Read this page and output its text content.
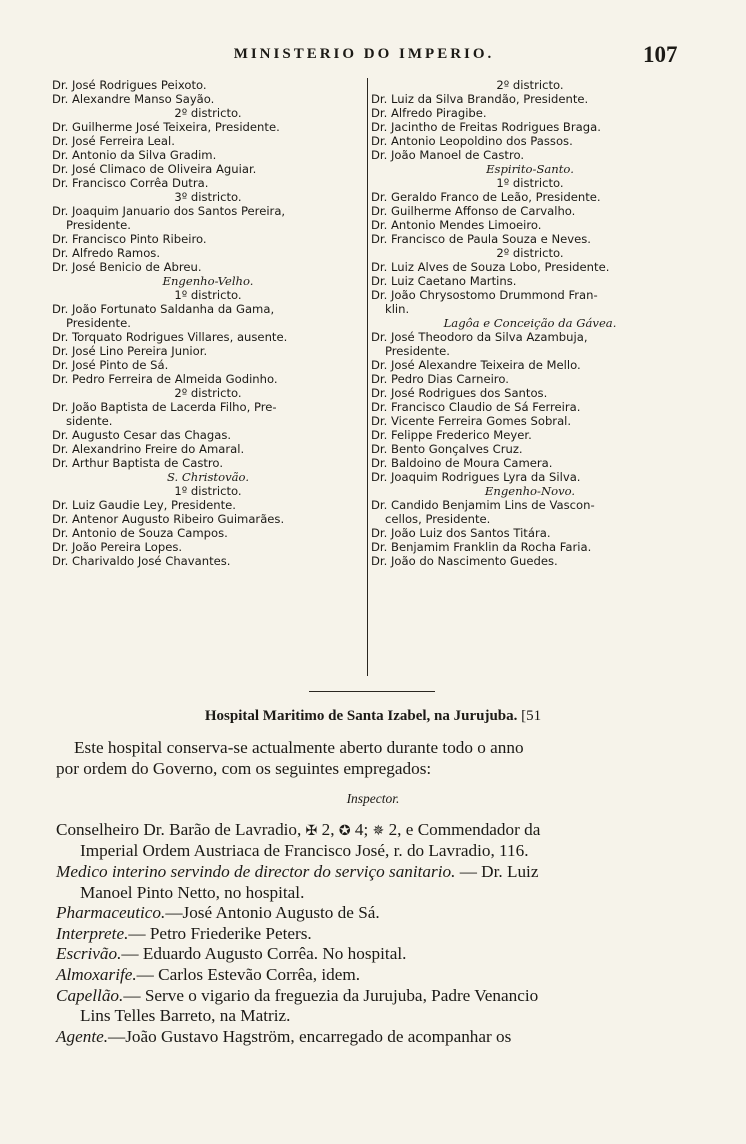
MINISTERIO DO IMPERIO.	107
Dr. José Rodrigues Peixoto.
Dr. Alexandre Manso Sayão.
2º districto.
Dr. Guilherme José Teixeira, Presidente.
Dr. José Ferreira Leal.
Dr. Antonio da Silva Gradim.
Dr. José Climaco de Oliveira Aguiar.
Dr. Francisco Corrêa Dutra.
3º districto.
Dr. Joaquim Januario dos Santos Pereira,
Presidente.
Dr. Francisco Pinto Ribeiro.
Dr. Alfredo Ramos.
Dr. José Benicio de Abreu.
Engenho-Velho.
1º districto.
Dr. João Fortunato Saldanha da Gama,
Presidente.
Dr. Torquato Rodrigues Villares, ausente.
Dr. José Lino Pereira Junior.
Dr. José Pinto de Sá.
Dr. Pedro Ferreira de Almeida Godinho.
2º districto.
Dr. João Baptista de Lacerda Filho, Pre-
sidente.
Dr. Augusto Cesar das Chagas.
Dr. Alexandrino Freire do Amaral.
Dr. Arthur Baptista de Castro.
S. Christovão.
1º districto.
Dr. Luiz Gaudie Ley, Presidente.
Dr. Antenor Augusto Ribeiro Guimarães.
Dr. Antonio de Souza Campos.
Dr. João Pereira Lopes.
Dr. Charivaldo José Chavantes.
2º districto.
Dr. Luiz da Silva Brandão, Presidente.
Dr. Alfredo Piragibe.
Dr. Jacintho de Freitas Rodrigues Braga.
Dr. Antonio Leopoldino dos Passos.
Dr. João Manoel de Castro.
Espirito-Santo.
1º districto.
Dr. Geraldo Franco de Leão, Presidente.
Dr. Guilherme Affonso de Carvalho.
Dr. Antonio Mendes Limoeiro.
Dr. Francisco de Paula Souza e Neves.
2º districto.
Dr. Luiz Alves de Souza Lobo, Presidente.
Dr. Luiz Caetano Martins.
Dr. João Chrysostomo Drummond Fran-
klin.
Lagôa e Conceição da Gávea.
Dr. José Theodoro da Silva Azambuja,
Presidente.
Dr. José Alexandre Teixeira de Mello.
Dr. Pedro Dias Carneiro.
Dr. José Rodrigues dos Santos.
Dr. Francisco Claudio de Sá Ferreira.
Dr. Vicente Ferreira Gomes Sobral.
Dr. Felippe Frederico Meyer.
Dr. Bento Gonçalves Cruz.
Dr. Baldoino de Moura Camera.
Dr. Joaquim Rodrigues Lyra da Silva.
Engenho-Novo.
Dr. Candido Benjamim Lins de Vascon-
cellos, Presidente.
Dr. João Luiz dos Santos Titára.
Dr. Benjamim Franklin da Rocha Faria.
Dr. João do Nascimento Guedes.
Hospital Maritimo de Santa Izabel, na Jurujuba. [51
Este hospital conserva-se actualmente aberto durante todo o anno
por ordem do Governo, com os seguintes empregados:
Inspector.
Conselheiro Dr. Barão de Lavradio, ✠ 2, ✪ 4; ✵ 2, e Commendador da
Imperial Ordem Austriaca de Francisco José, r. do Lavradio, 116.
Medico interino servindo de director do serviço sanitario. — Dr. Luiz
Manoel Pinto Netto, no hospital.
Pharmaceutico.—José Antonio Augusto de Sá.
Interprete.— Petro Friederike Peters.
Escrivão.— Eduardo Augusto Corrêa. No hospital.
Almoxarife.— Carlos Estevão Corrêa, idem.
Capellão.— Serve o vigario da freguezia da Jurujuba, Padre Venancio
Lins Telles Barreto, na Matriz.
Agente.—João Gustavo Hagström, encarregado de acompanhar os
